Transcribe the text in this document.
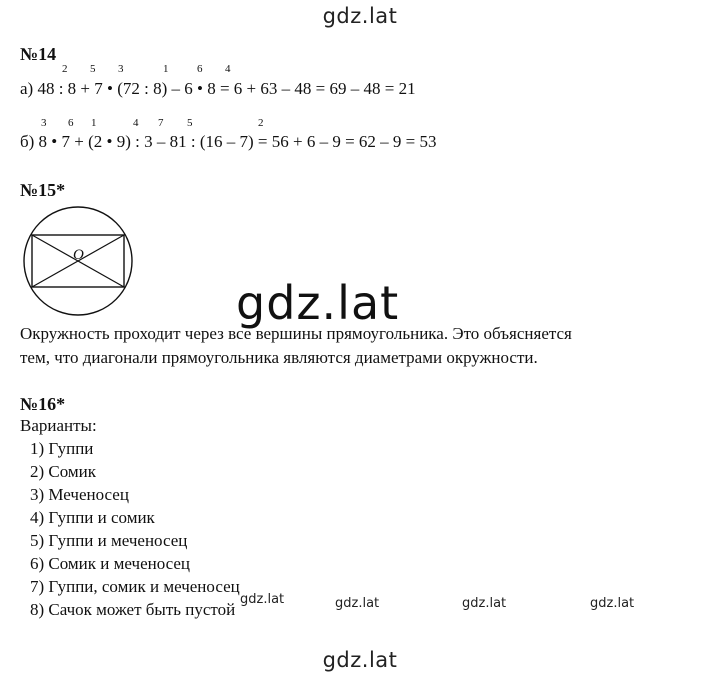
gdz.lat
№14
2 5 3	1	6 4
а) 48 : 8 + 7 • (72 : 8) – 6 • 8 = 6 + 63 – 48 = 69 – 48 = 21
3 6 1	4 7 5	2
б) 8 • 7 + (2 • 9) : 3 – 81 : (16 – 7) = 56 + 6 – 9 = 62 – 9 = 53
№15*
O
gdz.lat
Окружность проходит через все вершины прямоугольника. Это объясняется
тем, что диагонали прямоугольника являются диаметрами окружности.
№16*
Варианты:
1) Гуппи
2) Сомик
3) Меченосец
4) Гуппи и сомик
5) Гуппи и меченосец
6) Сомик и меченосец
7) Гуппи, сомик и меченосец
8) Сачок может быть пустой
gdz.lat	gdz.lat	gdz.lat	gdz.lat
gdz.lat
